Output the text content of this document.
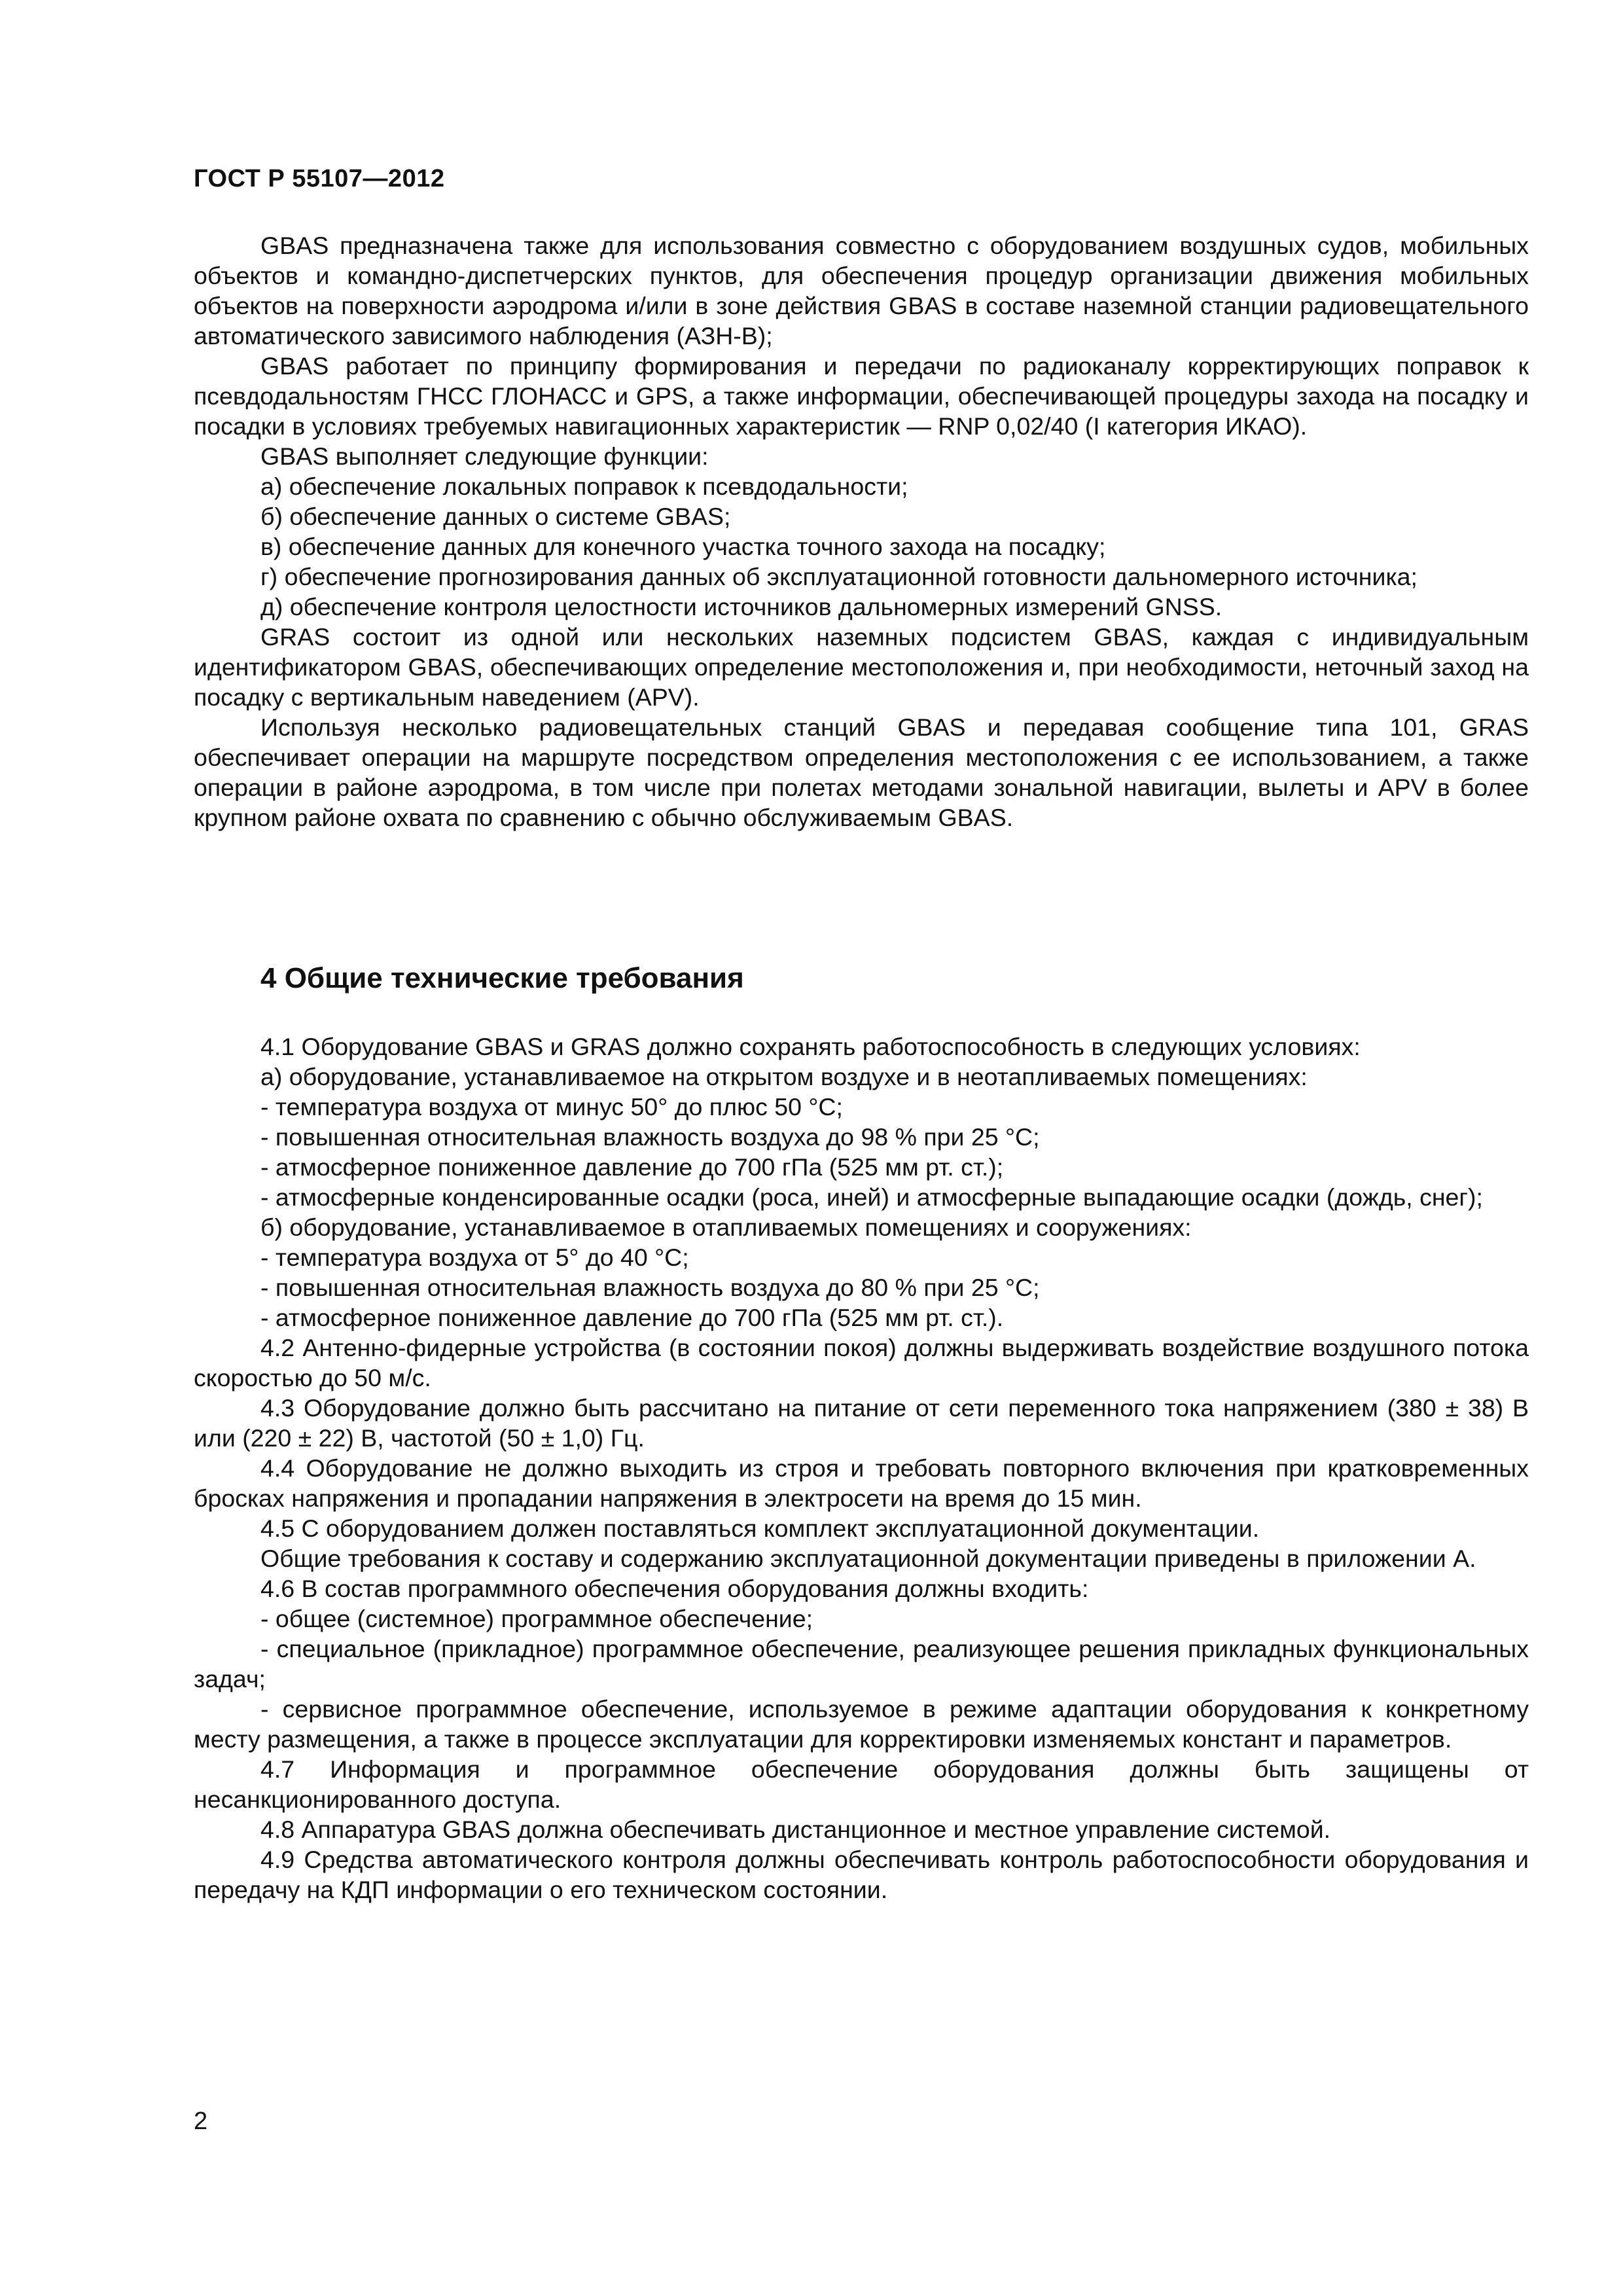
ГОСТ Р 55107—2012

GBAS предназначена также для использования совместно с оборудованием воздушных судов, мобильных объектов и командно-диспетчерских пунктов, для обеспечения процедур организации движения мобильных объектов на поверхности аэродрома и/или в зоне действия GBAS в составе наземной станции радиовещательного автоматического зависимого наблюдения (АЗН-В);

GBAS работает по принципу формирования и передачи по радиоканалу корректирующих поправок к псевдодальностям ГНСС ГЛОНАСС и GPS, а также информации, обеспечивающей процедуры захода на посадку и посадки в условиях требуемых навигационных характеристик — RNP 0,02/40 (I категория ИКАО).

GBAS выполняет следующие функции:

а) обеспечение локальных поправок к псевдодальности;

б) обеспечение данных о системе GBAS;

в) обеспечение данных для конечного участка точного захода на посадку;

г) обеспечение прогнозирования данных об эксплуатационной готовности дальномерного источника;

д) обеспечение контроля целостности источников дальномерных измерений GNSS.

GRAS состоит из одной или нескольких наземных подсистем GBAS, каждая с индивидуальным идентификатором GBAS, обеспечивающих определение местоположения и, при необходимости, неточный заход на посадку с вертикальным наведением (APV).

Используя несколько радиовещательных станций GBAS и передавая сообщение типа 101, GRAS обеспечивает операции на маршруте посредством определения местоположения с ее использованием, а также операции в районе аэродрома, в том числе при полетах методами зональной навигации, вылеты и APV в более крупном районе охвата по сравнению с обычно обслуживаемым GBAS.

4 Общие технические требования

4.1 Оборудование GBAS и GRAS должно сохранять работоспособность в следующих условиях:

а) оборудование, устанавливаемое на открытом воздухе и в неотапливаемых помещениях:

- температура воздуха от минус 50° до плюс 50 °С;

- повышенная относительная влажность воздуха до 98 % при 25 °С;

- атмосферное пониженное давление до 700 гПа (525 мм рт. ст.);

- атмосферные конденсированные осадки (роса, иней) и атмосферные выпадающие осадки (дождь, снег);

б) оборудование, устанавливаемое в отапливаемых помещениях и сооружениях:

- температура воздуха от 5° до 40 °С;

- повышенная относительная влажность воздуха до 80 % при 25 °С;

- атмосферное пониженное давление до 700 гПа (525 мм рт. ст.).

4.2 Антенно-фидерные устройства (в состоянии покоя) должны выдерживать воздействие воздушного потока скоростью до 50 м/с.

4.3 Оборудование должно быть рассчитано на питание от сети переменного тока напряжением (380 ± 38) В или (220 ± 22) В, частотой (50 ± 1,0) Гц.

4.4 Оборудование не должно выходить из строя и требовать повторного включения при кратковременных бросках напряжения и пропадании напряжения в электросети на время до 15 мин.

4.5 С оборудованием должен поставляться комплект эксплуатационной документации.

Общие требования к составу и содержанию эксплуатационной документации приведены в приложении А.

4.6 В состав программного обеспечения оборудования должны входить:

- общее (системное) программное обеспечение;

- специальное (прикладное) программное обеспечение, реализующее решения прикладных функциональных задач;

- сервисное программное обеспечение, используемое в режиме адаптации оборудования к конкретному месту размещения, а также в процессе эксплуатации для корректировки изменяемых констант и параметров.

4.7 Информация и программное обеспечение оборудования должны быть защищены от несанкционированного доступа.

4.8 Аппаратура GBAS должна обеспечивать дистанционное и местное управление системой.

4.9 Средства автоматического контроля должны обеспечивать контроль работоспособности оборудования и передачу на КДП информации о его техническом состоянии.

2
